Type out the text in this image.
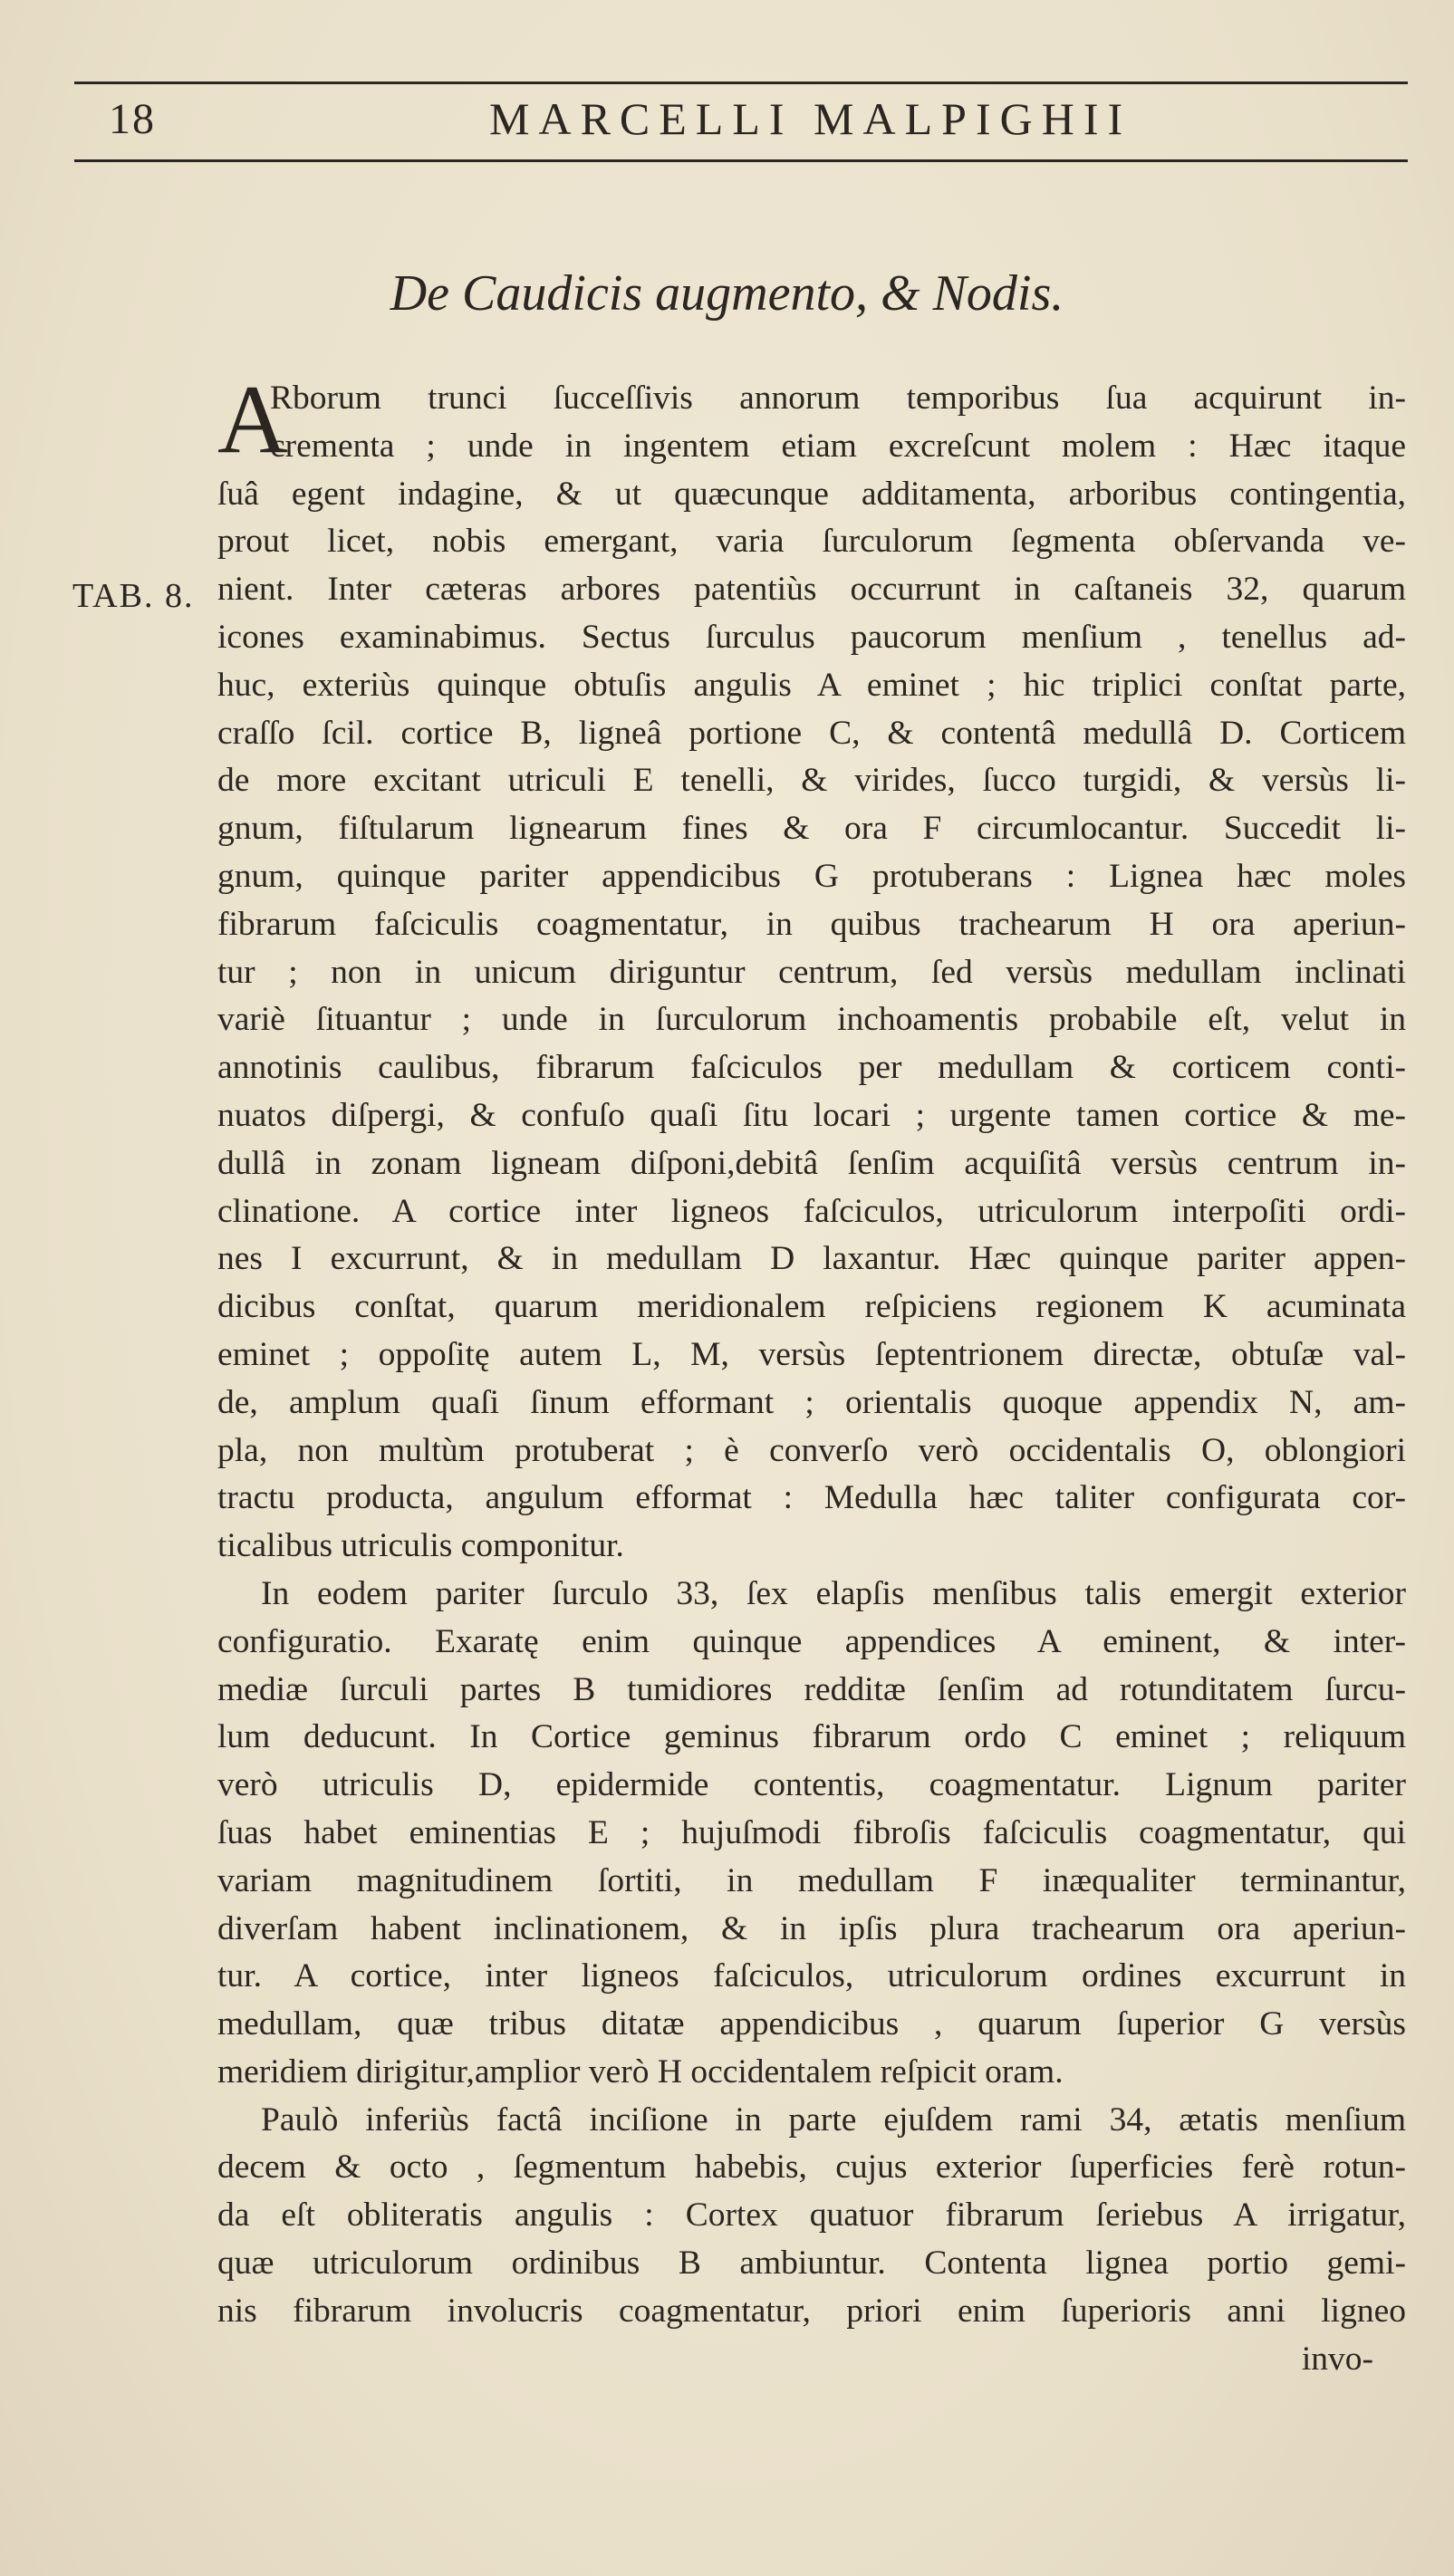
18	MARCELLI MALPIGHII
De Caudicis augmento, & Nodis.
TAB. 8.
A
Rborum trunci ſucceſſivis annorum temporibus ſua acquirunt in-
crementa ; unde in ingentem etiam excreſcunt molem : Hæc itaque
ſuâ egent indagine, & ut quæcunque additamenta, arboribus contingentia,
prout licet, nobis emergant, varia ſurculorum ſegmenta obſervanda ve-
nient. Inter cæteras arbores patentiùs occurrunt in caſtaneis 32, quarum
icones examinabimus. Sectus ſurculus paucorum menſium , tenellus ad-
huc, exteriùs quinque obtuſis angulis A eminet ; hic triplici conſtat parte,
craſſo ſcil. cortice B, ligneâ portione C, & contentâ medullâ D. Corticem
de more excitant utriculi E tenelli, & virides, ſucco turgidi, & versùs li-
gnum, fiſtularum lignearum fines & ora F circumlocantur. Succedit li-
gnum, quinque pariter appendicibus G protuberans : Lignea hæc moles
fibrarum faſciculis coagmentatur, in quibus trachearum H ora aperiun-
tur ; non in unicum diriguntur centrum, ſed versùs medullam inclinati
variè ſituantur ; unde in ſurculorum inchoamentis probabile eſt, velut in
annotinis caulibus, fibrarum faſciculos per medullam & corticem conti-
nuatos diſpergi, & confuſo quaſi ſitu locari ; urgente tamen cortice & me-
dullâ in zonam ligneam diſponi,debitâ ſenſim acquiſitâ versùs centrum in-
clinatione. A cortice inter ligneos faſciculos, utriculorum interpoſiti ordi-
nes I excurrunt, & in medullam D laxantur. Hæc quinque pariter appen-
dicibus conſtat, quarum meridionalem reſpiciens regionem K acuminata
eminet ; oppoſitę autem L, M, versùs ſeptentrionem directæ, obtuſæ val-
de, amplum quaſi ſinum efformant ; orientalis quoque appendix N, am-
pla, non multùm protuberat ; è converſo verò occidentalis O, oblongiori
tractu producta, angulum efformat : Medulla hæc taliter configurata cor-
ticalibus utriculis componitur.
In eodem pariter ſurculo 33, ſex elapſis menſibus talis emergit exterior
configuratio. Exaratę enim quinque appendices A eminent, & inter-
mediæ ſurculi partes B tumidiores redditæ ſenſim ad rotunditatem ſurcu-
lum deducunt. In Cortice geminus fibrarum ordo C eminet ; reliquum
verò utriculis D, epidermide contentis, coagmentatur. Lignum pariter
ſuas habet eminentias E ; hujuſmodi fibroſis faſciculis coagmentatur, qui
variam magnitudinem ſortiti, in medullam F inæqualiter terminantur,
diverſam habent inclinationem, & in ipſis plura trachearum ora aperiun-
tur. A cortice, inter ligneos faſciculos, utriculorum ordines excurrunt in
medullam, quæ tribus ditatæ appendicibus , quarum ſuperior G versùs
meridiem dirigitur,amplior verò H occidentalem reſpicit oram.
Paulò inferiùs factâ inciſione in parte ejuſdem rami 34, ætatis menſium
decem & octo , ſegmentum habebis, cujus exterior ſuperficies ferè rotun-
da eſt obliteratis angulis : Cortex quatuor fibrarum ſeriebus A irrigatur,
quæ utriculorum ordinibus B ambiuntur. Contenta lignea portio gemi-
nis fibrarum involucris coagmentatur, priori enim ſuperioris anni ligneo
invo-
